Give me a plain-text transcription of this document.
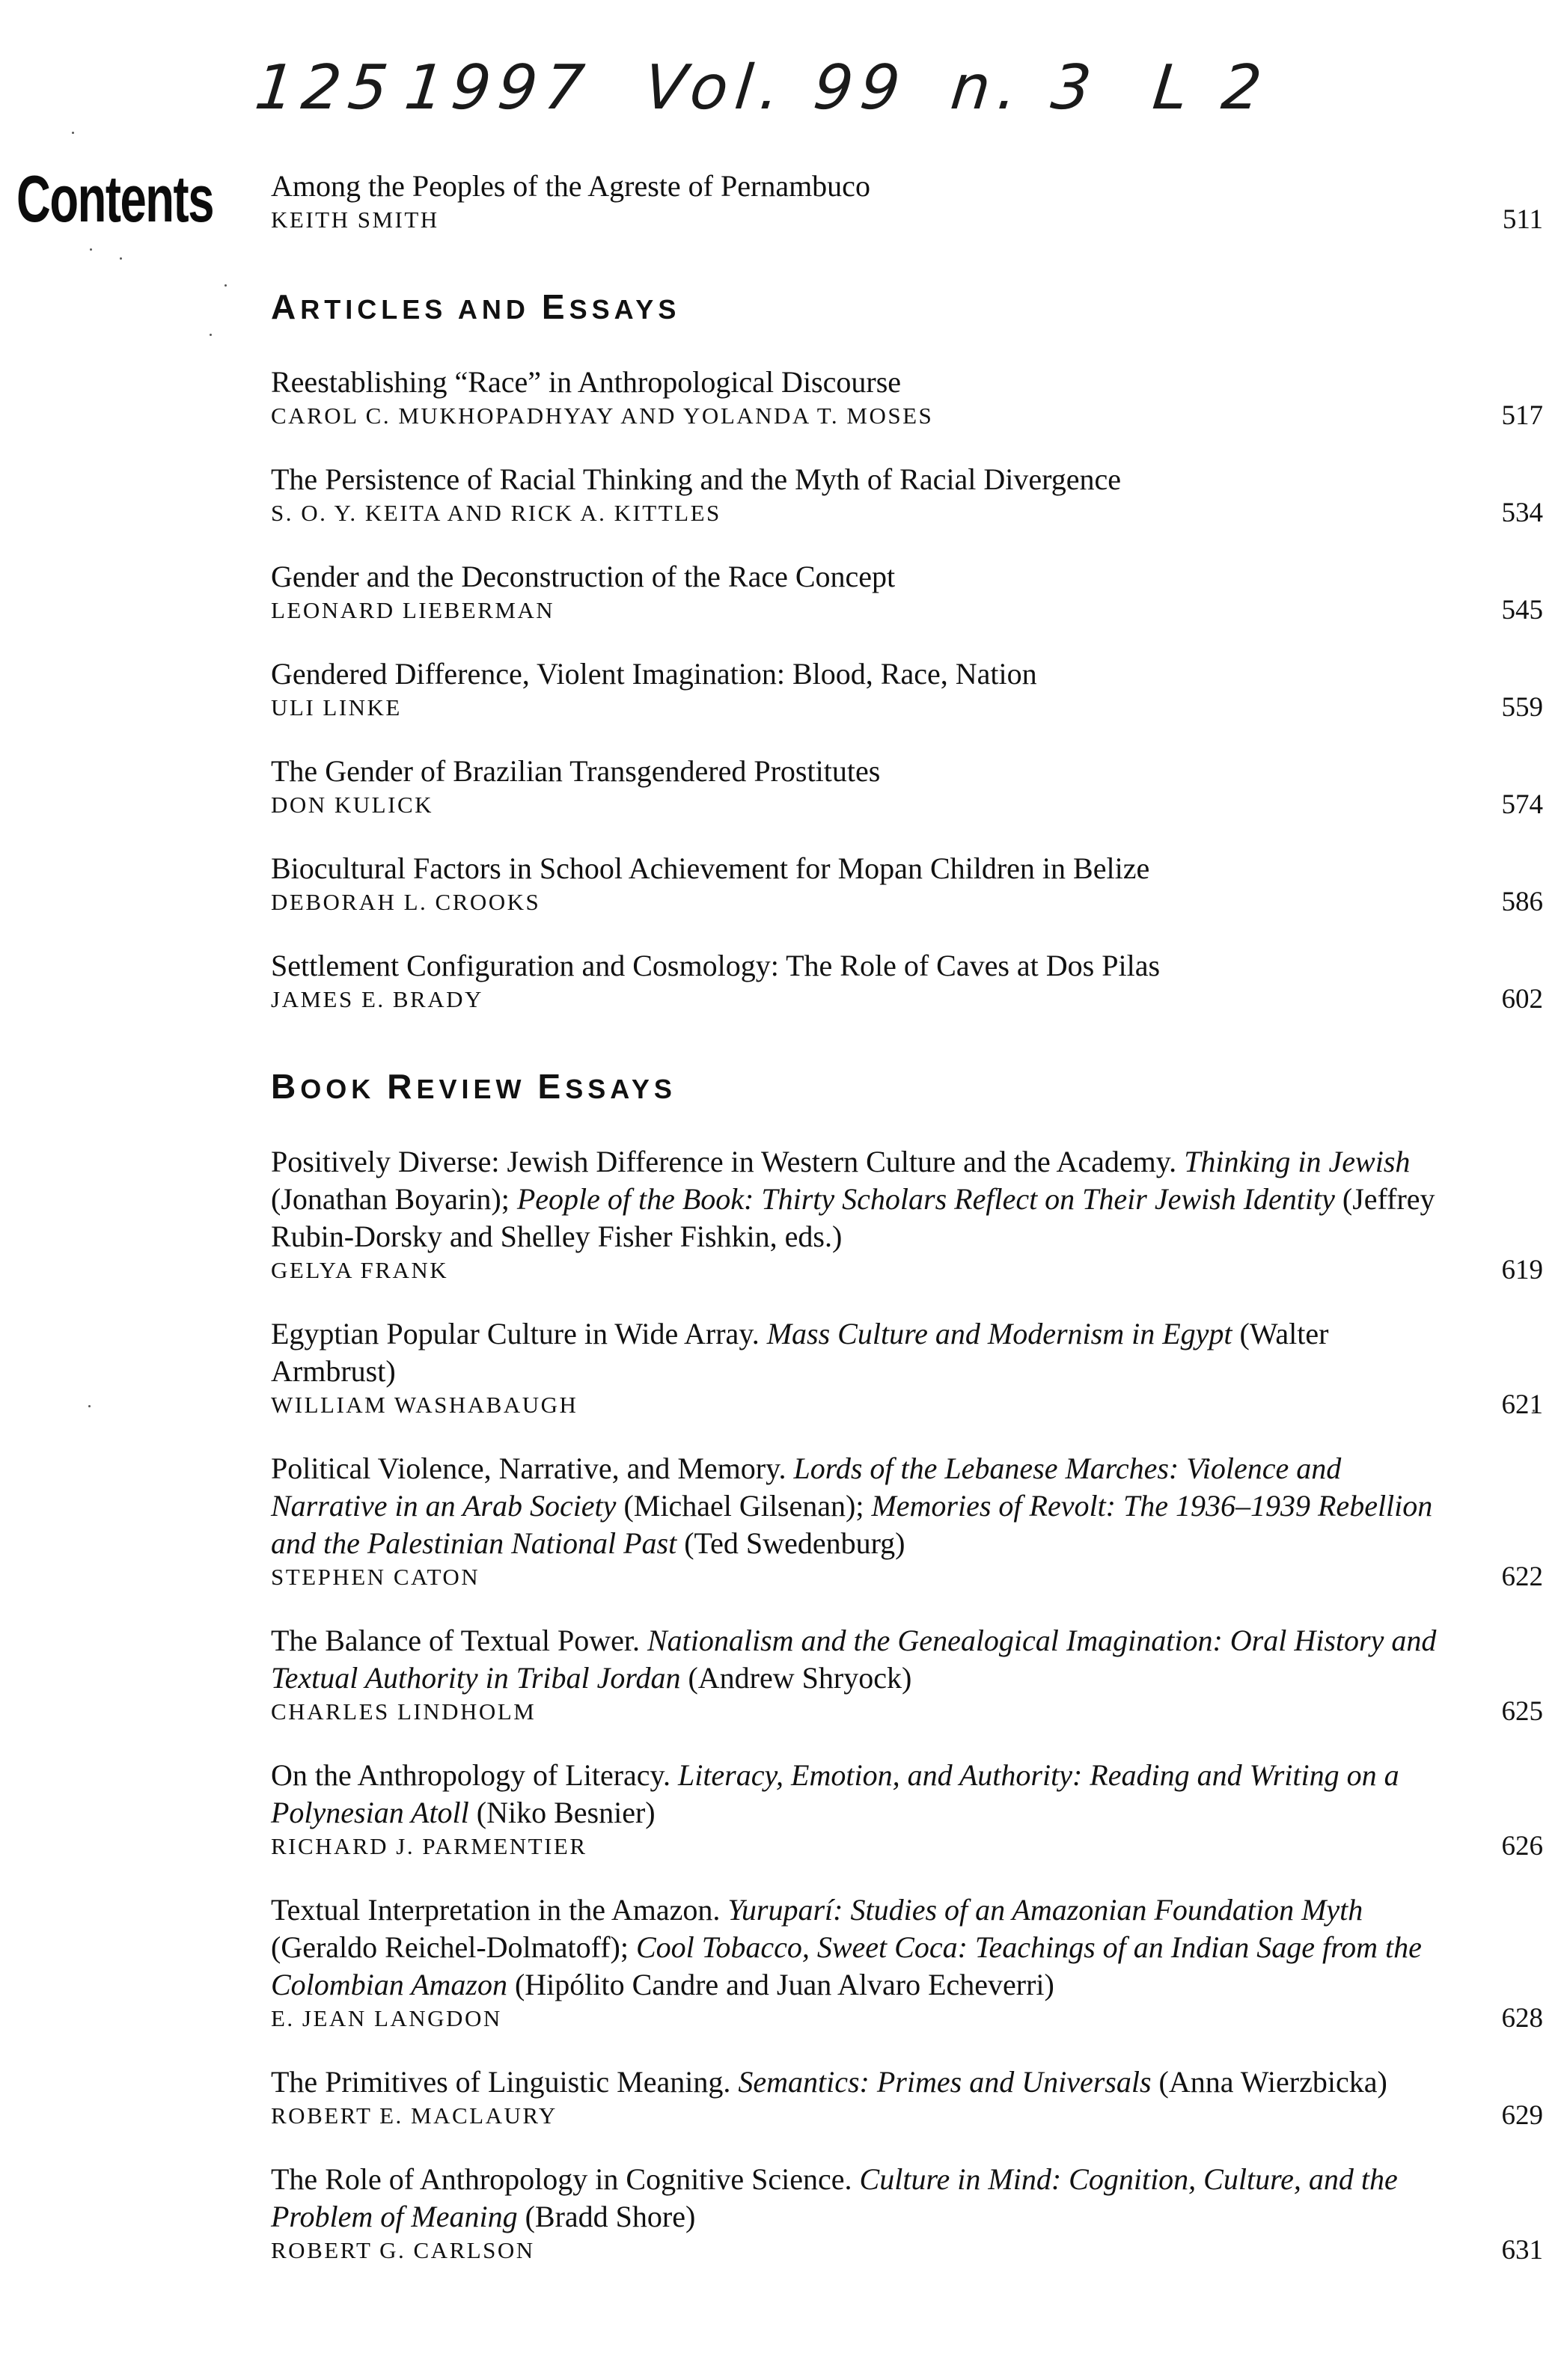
125 1997 Vol. 99 n. 3 L 2
Contents Among the Peoples of the Agreste of Pernambuco
KEITH SMITH	511
ARTICLES AND ESSAYS
Reestablishing “Race” in Anthropological Discourse
CAROL C. MUKHOPADHYAY AND YOLANDA T. MOSES	517
The Persistence of Racial Thinking and the Myth of Racial Divergence
S. O. Y. KEITA AND RICK A. KITTLES	534
Gender and the Deconstruction of the Race Concept
LEONARD LIEBERMAN	545
Gendered Difference, Violent Imagination: Blood, Race, Nation
ULI LINKE	559
The Gender of Brazilian Transgendered Prostitutes
DON KULICK	574
Biocultural Factors in School Achievement for Mopan Children in Belize
DEBORAH L. CROOKS	586
Settlement Configuration and Cosmology: The Role of Caves at Dos Pilas
JAMES E. BRADY	602
BOOK REVIEW ESSAYS
Positively Diverse: Jewish Difference in Western Culture and the Academy. Thinking in Jewish (Jonathan Boyarin); People of the Book: Thirty Scholars Reflect on Their Jewish Identity (Jeffrey Rubin-Dorsky and Shelley Fisher Fishkin, eds.)
GELYA FRANK	619
Egyptian Popular Culture in Wide Array. Mass Culture and Modernism in Egypt (Walter Armbrust)
WILLIAM WASHABAUGH	621
Political Violence, Narrative, and Memory. Lords of the Lebanese Marches: Violence and Narrative in an Arab Society (Michael Gilsenan); Memories of Revolt: The 1936–1939 Rebellion and the Palestinian National Past (Ted Swedenburg)
STEPHEN CATON	622
The Balance of Textual Power. Nationalism and the Genealogical Imagination: Oral History and Textual Authority in Tribal Jordan (Andrew Shryock)
CHARLES LINDHOLM	625
On the Anthropology of Literacy. Literacy, Emotion, and Authority: Reading and Writing on a Polynesian Atoll (Niko Besnier)
RICHARD J. PARMENTIER	626
Textual Interpretation in the Amazon. Yuruparí: Studies of an Amazonian Foundation Myth (Geraldo Reichel-Dolmatoff); Cool Tobacco, Sweet Coca: Teachings of an Indian Sage from the Colombian Amazon (Hipólito Candre and Juan Alvaro Echeverri)
E. JEAN LANGDON	628
The Primitives of Linguistic Meaning. Semantics: Primes and Universals (Anna Wierzbicka)
ROBERT E. MACLAURY	629
The Role of Anthropology in Cognitive Science. Culture in Mind: Cognition, Culture, and the Problem of Meaning (Bradd Shore)
ROBERT G. CARLSON	631
